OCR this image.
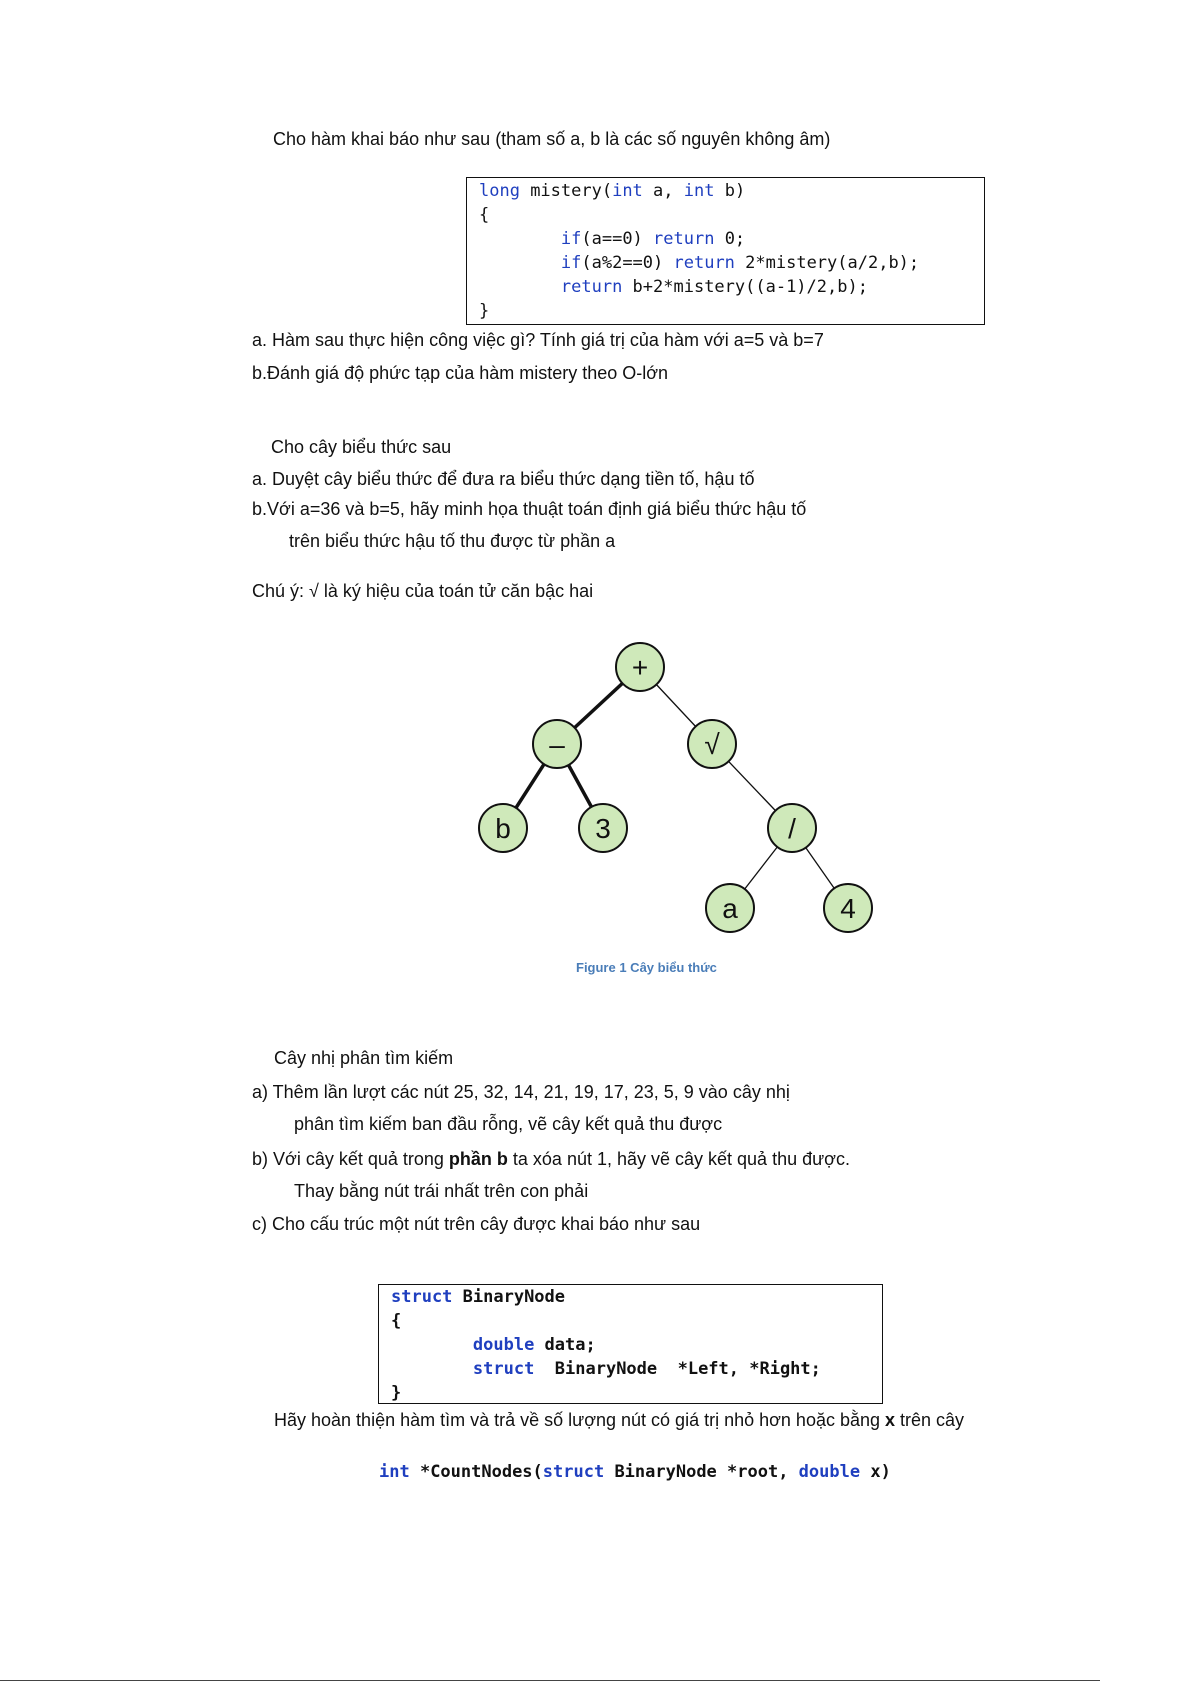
Cho hàm khai báo như sau (tham số a, b là các số nguyên không âm)
long mistery(int a, int b)
{
if(a==0) return 0;
if(a%2==0) return 2*mistery(a/2,b);
return b+2*mistery((a-1)/2,b);
}
a. Hàm sau thực hiện công việc gì? Tính giá trị của hàm với a=5 và b=7
b.Đánh giá độ phức tạp của hàm mistery theo O-lớn
Cho cây biểu thức sau
a. Duyệt cây biểu thức để đưa ra biểu thức dạng tiền tố, hậu tố
b.Với a=36 và b=5, hãy minh họa thuật toán định giá biểu thức hậu tố
trên biểu thức hậu tố thu được từ phần a
Chú ý: √ là ký hiệu của toán tử căn bậc hai
+
–	√
b	3	/
a	4
Figure 1 Cây biểu thức
Cây nhị phân tìm kiếm
a) Thêm lần lượt các nút 25, 32, 14, 21, 19, 17, 23, 5, 9 vào cây nhị
phân tìm kiếm ban đầu rỗng, vẽ cây kết quả thu được
b) Với cây kết quả trong phần b ta xóa nút 1, hãy vẽ cây kết quả thu được.
Thay bằng nút trái nhất trên con phải
c) Cho cấu trúc một nút trên cây được khai báo như sau
struct BinaryNode
{
double data;
struct  BinaryNode  *Left, *Right;
}
Hãy hoàn thiện hàm tìm và trả về số lượng nút có giá trị nhỏ hơn hoặc bằng x trên cây
int *CountNodes(struct BinaryNode *root, double x)
